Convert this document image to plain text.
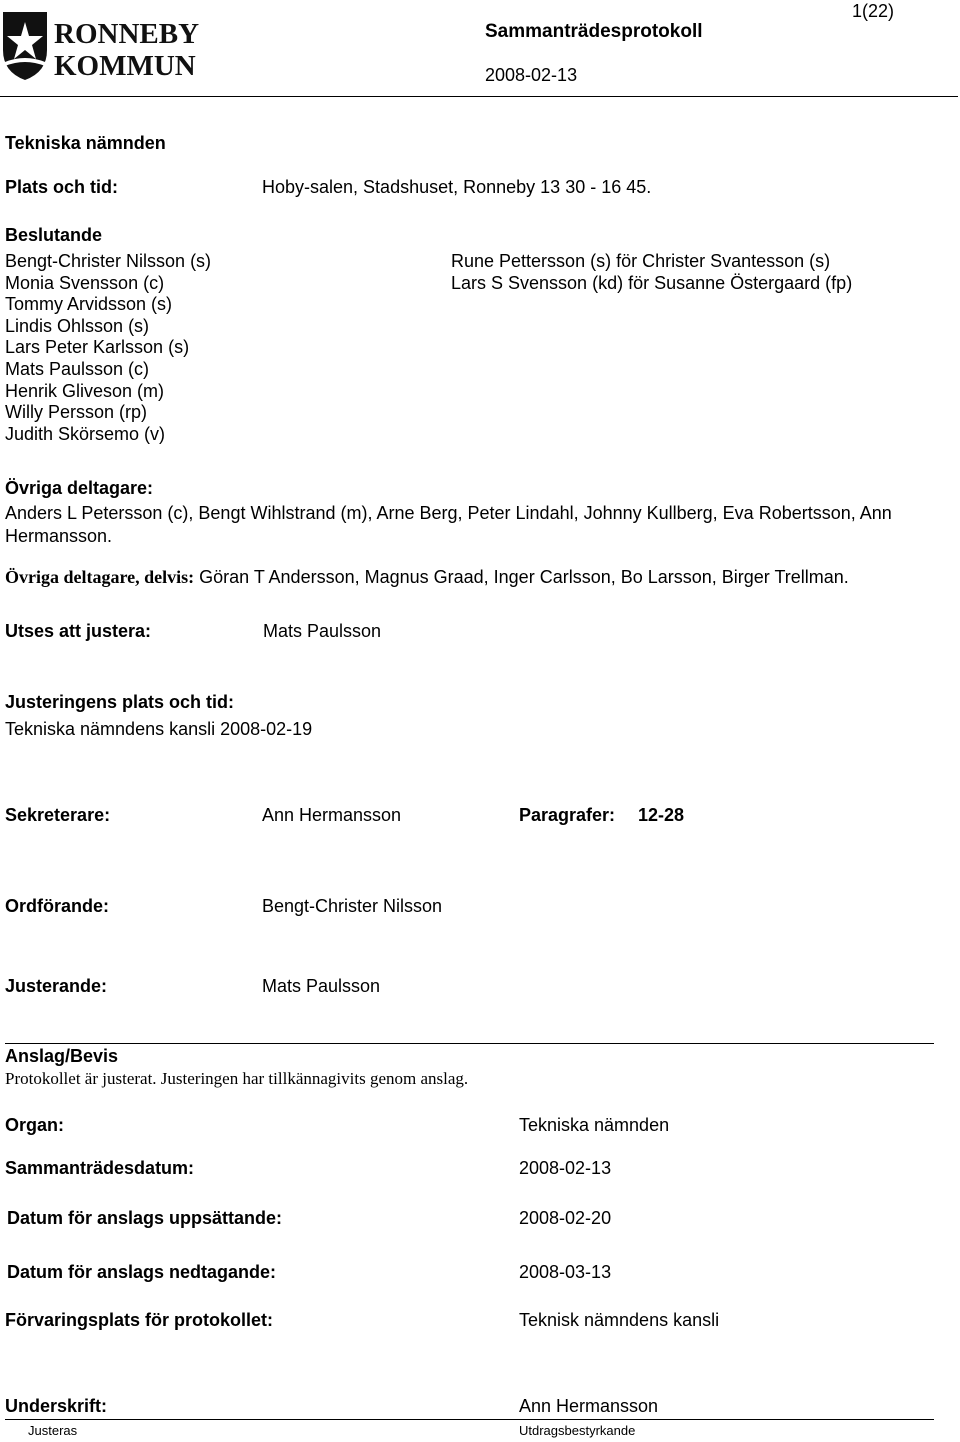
RONNEBY
KOMMUN
Sammanträdesprotokoll
2008-02-13
1(22)
Tekniska nämnden
Plats och tid:	Hoby-salen, Stadshuset, Ronneby 13 30 - 16 45.
Beslutande
Bengt-Christer Nilsson (s)
Monia Svensson (c)
Tommy Arvidsson (s)
Lindis Ohlsson (s)
Lars Peter Karlsson (s)
Mats Paulsson (c)
Henrik Gliveson (m)
Willy Persson (rp)
Judith Skörsemo (v)
Rune Pettersson (s) för Christer Svantesson (s)
Lars S Svensson (kd) för Susanne Östergaard (fp)
Övriga deltagare:
Anders L Petersson (c), Bengt Wihlstrand (m), Arne Berg, Peter Lindahl, Johnny Kullberg, Eva Robertsson, Ann
Hermansson.
Övriga deltagare, delvis: Göran T Andersson, Magnus Graad, Inger Carlsson, Bo Larsson, Birger Trellman.
Utses att justera:	Mats Paulsson
Justeringens plats och tid:
Tekniska nämndens kansli 2008-02-19
Sekreterare:	Ann Hermansson	Paragrafer: 12-28
Ordförande:	Bengt-Christer Nilsson
Justerande:	Mats Paulsson
Anslag/Bevis
Protokollet är justerat. Justeringen har tillkännagivits genom anslag.
Organ:	Tekniska nämnden
Sammanträdesdatum:	2008-02-13
Datum för anslags uppsättande:	2008-02-20
Datum för anslags nedtagande:	2008-03-13
Förvaringsplats för protokollet:	Teknisk nämndens kansli
Underskrift:	Ann Hermansson
Justeras	Utdragsbestyrkande
